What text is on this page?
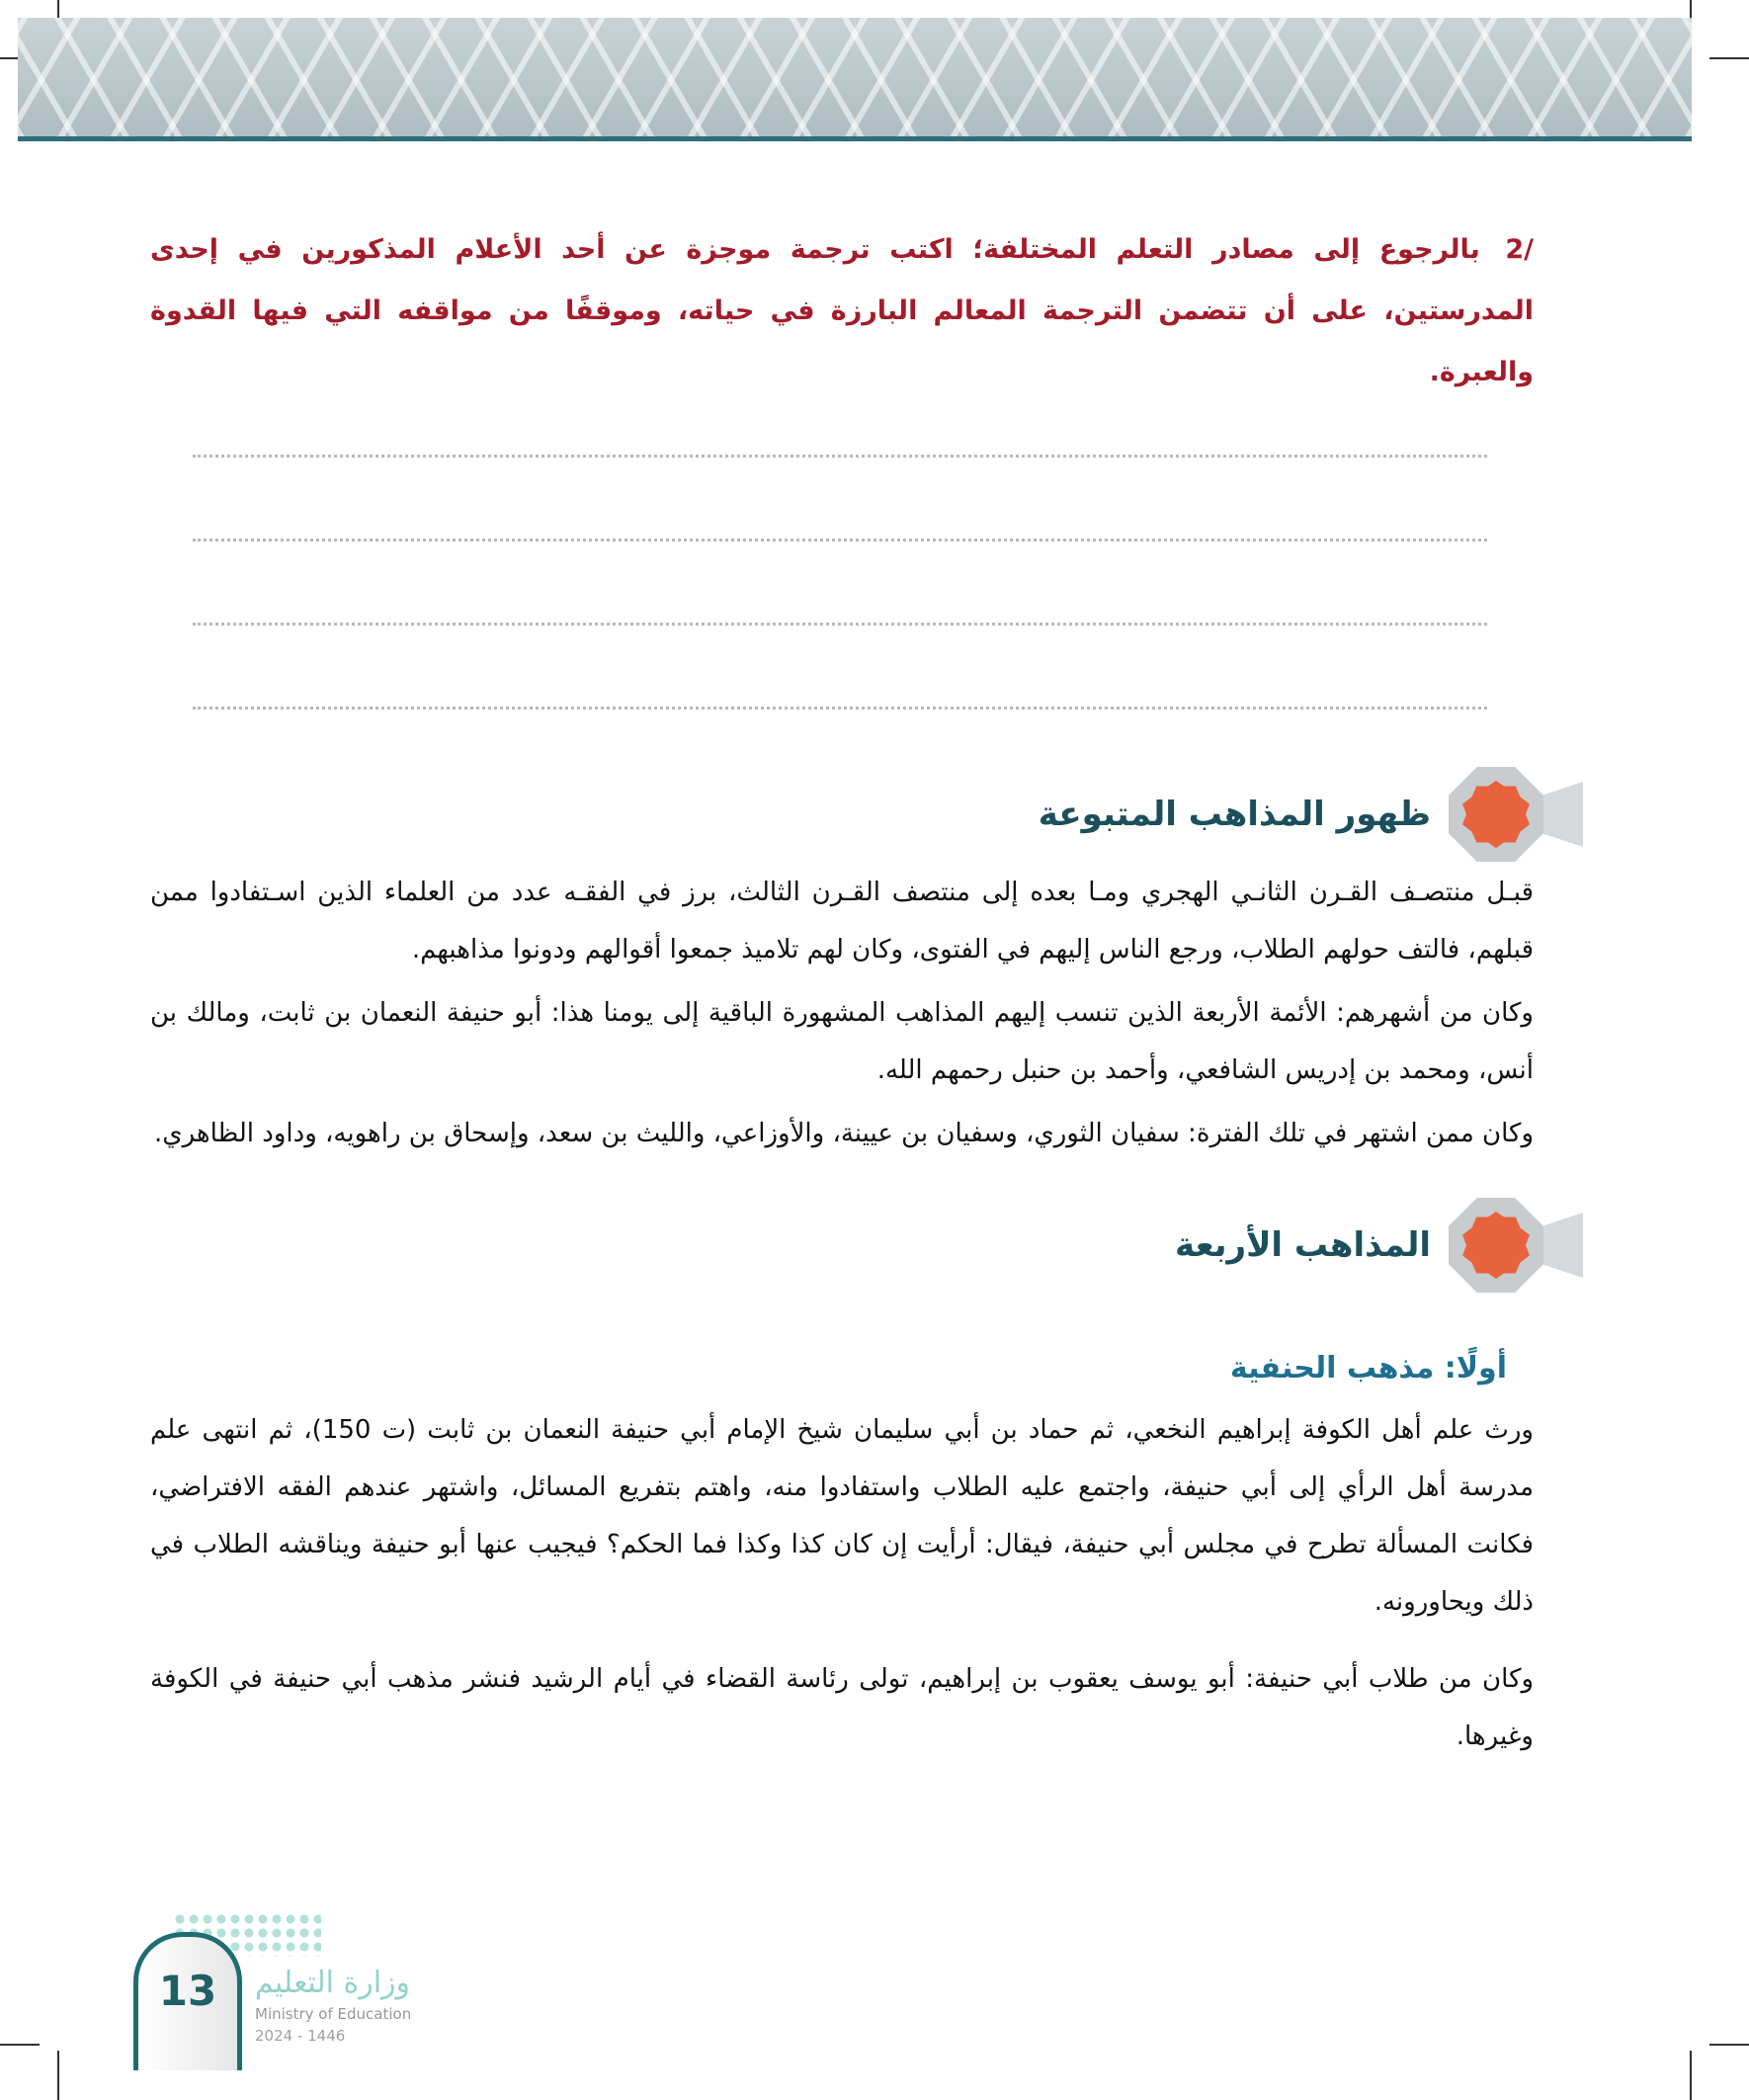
/2 بالرجوع إلى مصادر التعلم المختلفة؛ اكتب ترجمة موجزة عن أحد الأعلام المذكورين في إحدى المدرستين، على أن تتضمن الترجمة المعالم البارزة في حياته، وموقفًا من مواقفه التي فيها القدوة والعبرة.
ظهور المذاهب المتبوعة

قبـل منتصـف القـرن الثانـي الهجري ومـا بعده إلى منتصف القـرن الثالث، برز في الفقـه عدد من العلماء الذين اسـتفادوا ممن قبلهم، فالتف حولهم الطلاب، ورجع الناس إليهم في الفتوى، وكان لهم تلاميذ جمعوا أقوالهم ودونوا مذاهبهم.

وكان من أشهرهم: الأئمة الأربعة الذين تنسب إليهم المذاهب المشهورة الباقية إلى يومنا هذا: أبو حنيفة النعمان بن ثابت، ومالك بن أنس، ومحمد بن إدريس الشافعي، وأحمد بن حنبل رحمهم الله.

وكان ممن اشتهر في تلك الفترة: سفيان الثوري، وسفيان بن عيينة، والأوزاعي، والليث بن سعد، وإسحاق بن راهويه، وداود الظاهري.

المذاهب الأربعة
أولًا: مذهب الحنفية

ورث علم أهل الكوفة إبراهيم النخعي، ثم حماد بن أبي سليمان شيخ الإمام أبي حنيفة النعمان بن ثابت (ت 150)، ثم انتهى علم مدرسة أهل الرأي إلى أبي حنيفة، واجتمع عليه الطلاب واستفادوا منه، واهتم بتفريع المسائل، واشتهر عندهم الفقه الافتراضي، فكانت المسألة تطرح في مجلس أبي حنيفة، فيقال: أرأيت إن كان كذا وكذا فما الحكم؟ فيجيب عنها أبو حنيفة ويناقشه الطلاب في ذلك ويحاورونه.

وكان من طلاب أبي حنيفة: أبو يوسف يعقوب بن إبراهيم، تولى رئاسة القضاء في أيام الرشيد فنشر مذهب أبي حنيفة في الكوفة وغيرها.

13	وزارة التعليم
Ministry of Education
2024 - 1446
